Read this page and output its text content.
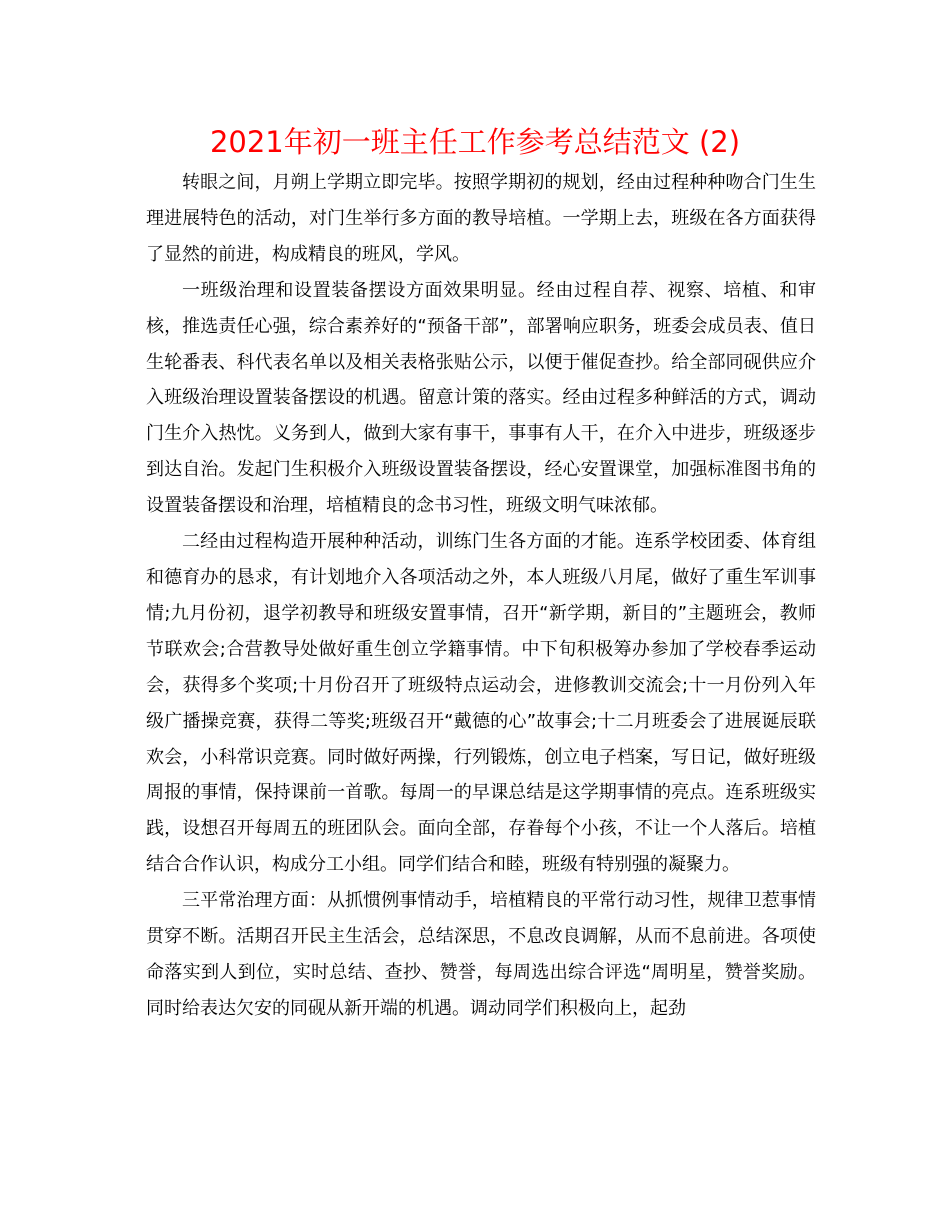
2021年初一班主任工作参考总结范文 (2)

转眼之间，月朔上学期立即完毕。按照学期初的规划，经由过程种种吻合门生生理进展特色的活动，对门生举行多方面的教导培植。一学期上去，班级在各方面获得了显然的前进，构成精良的班风，学风。

一班级治理和设置装备摆设方面效果明显。经由过程自荐、视察、培植、和审核，推选责任心强，综合素养好的“预备干部”，部署响应职务，班委会成员表、值日生轮番表、科代表名单以及相关表格张贴公示，以便于催促查抄。给全部同砚供应介入班级治理设置装备摆设的机遇。留意计策的落实。经由过程多种鲜活的方式，调动门生介入热忱。义务到人，做到大家有事干，事事有人干，在介入中进步，班级逐步到达自治。发起门生积极介入班级设置装备摆设，经心安置课堂，加强标准图书角的设置装备摆设和治理，培植精良的念书习性，班级文明气味浓郁。

二经由过程构造开展种种活动，训练门生各方面的才能。连系学校团委、体育组和德育办的恳求，有计划地介入各项活动之外，本人班级八月尾，做好了重生军训事情;九月份初，退学初教导和班级安置事情，召开“新学期，新目的”主题班会，教师节联欢会;合营教导处做好重生创立学籍事情。中下旬积极筹办参加了学校春季运动会，获得多个奖项;十月份召开了班级特点运动会，进修教训交流会;十一月份列入年级广播操竞赛，获得二等奖;班级召开“戴德的心”故事会;十二月班委会了进展诞辰联欢会，小科常识竞赛。同时做好两操，行列锻炼，创立电子档案，写日记，做好班级周报的事情，保持课前一首歌。每周一的早课总结是这学期事情的亮点。连系班级实践，设想召开每周五的班团队会。面向全部，存眷每个小孩，不让一个人落后。培植结合合作认识，构成分工小组。同学们结合和睦，班级有特别强的凝聚力。

三平常治理方面：从抓惯例事情动手，培植精良的平常行动习性，规律卫惹事情贯穿不断。活期召开民主生活会，总结深思，不息改良调解，从而不息前进。各项使命落实到人到位，实时总结、查抄、赞誉，每周选出综合评选“周明星，赞誉奖励。同时给表达欠安的同砚从新开端的机遇。调动同学们积极向上，起劲
